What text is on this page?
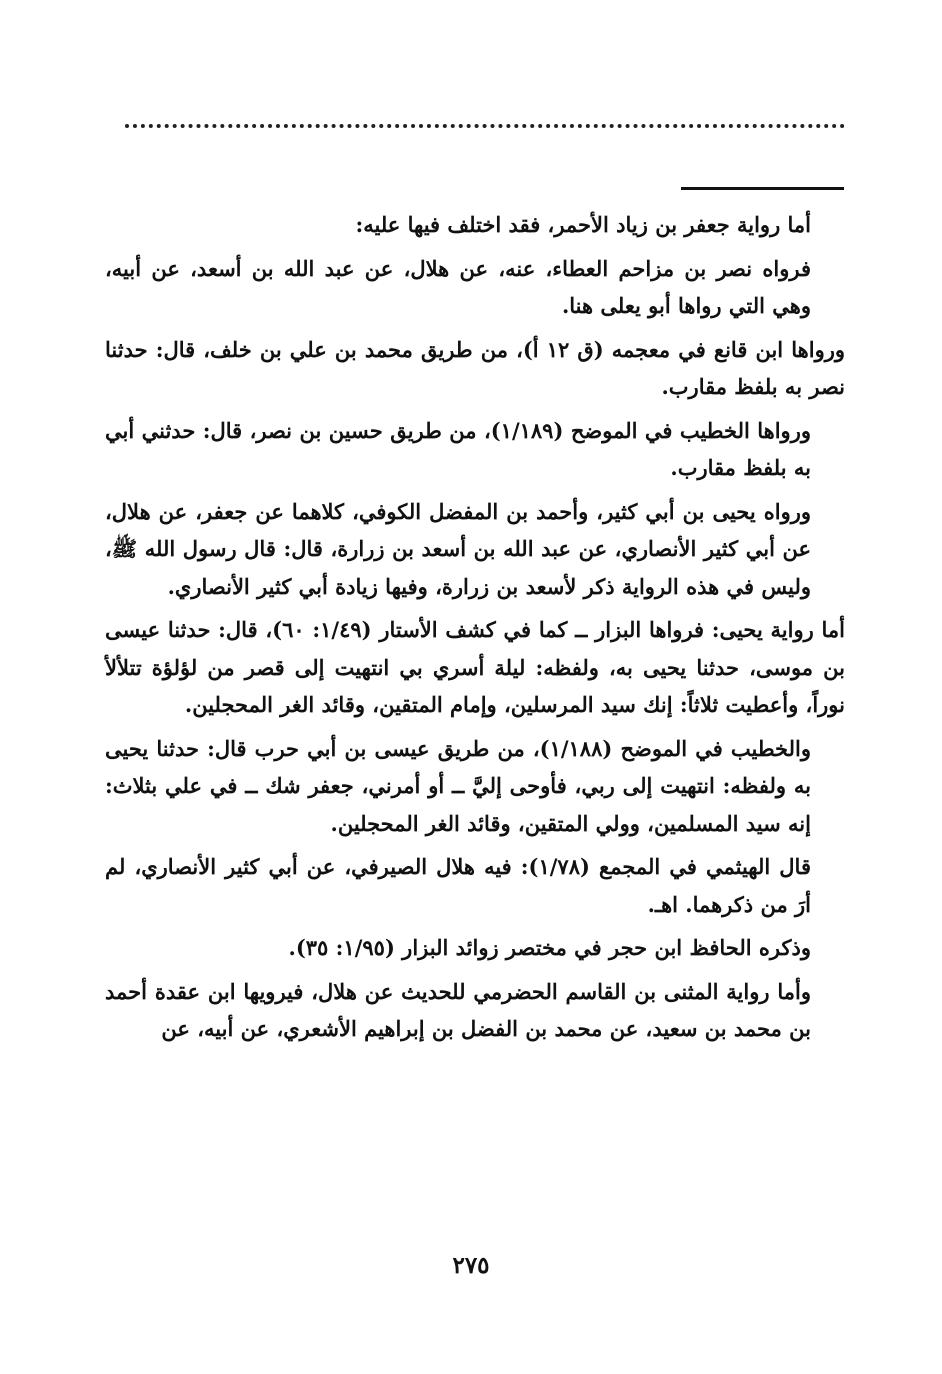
أما رواية جعفر بن زياد الأحمر، فقد اختلف فيها عليه:

فرواه نصر بن مزاحم العطاء، عنه، عن هلال، عن عبد الله بن أسعد، عن أبيه، وهي التي رواها أبو يعلى هنا.

ورواها ابن قانع في معجمه (ق ١٢ أ)، من طريق محمد بن علي بن خلف، قال: حدثنا نصر به بلفظ مقارب.

ورواها الخطيب في الموضح (١/١٨٩)، من طريق حسين بن نصر، قال: حدثني أبي به بلفظ مقارب.

ورواه يحيى بن أبي كثير، وأحمد بن المفضل الكوفي، كلاهما عن جعفر، عن هلال، عن أبي كثير الأنصاري، عن عبد الله بن أسعد بن زرارة، قال: قال رسول الله ﷺ، وليس في هذه الرواية ذكر لأسعد بن زرارة، وفيها زيادة أبي كثير الأنصاري.

أما رواية يحيى: فرواها البزار ــ كما في كشف الأستار (١/٤٩: ٦٠)، قال: حدثنا عيسى بن موسى، حدثنا يحيى به، ولفظه: ليلة أسري بي انتهيت إلى قصر من لؤلؤة تتلألأ نوراً، وأعطيت ثلاثاً: إنك سيد المرسلين، وإمام المتقين، وقائد الغر المحجلين.

والخطيب في الموضح (١/١٨٨)، من طريق عيسى بن أبي حرب قال: حدثنا يحيى به ولفظه: انتهيت إلى ربي، فأوحى إليَّ ــ أو أمرني، جعفر شك ــ في علي بثلاث: إنه سيد المسلمين، وولي المتقين، وقائد الغر المحجلين.

قال الهيثمي في المجمع (١/٧٨): فيه هلال الصيرفي، عن أبي كثير الأنصاري، لم أرَ من ذكرهما. اهـ.

وذكره الحافظ ابن حجر في مختصر زوائد البزار (١/٩٥: ٣٥).

وأما رواية المثنى بن القاسم الحضرمي للحديث عن هلال، فيرويها ابن عقدة أحمد بن محمد بن سعيد، عن محمد بن الفضل بن إبراهيم الأشعري، عن أبيه، عن

٢٧٥
